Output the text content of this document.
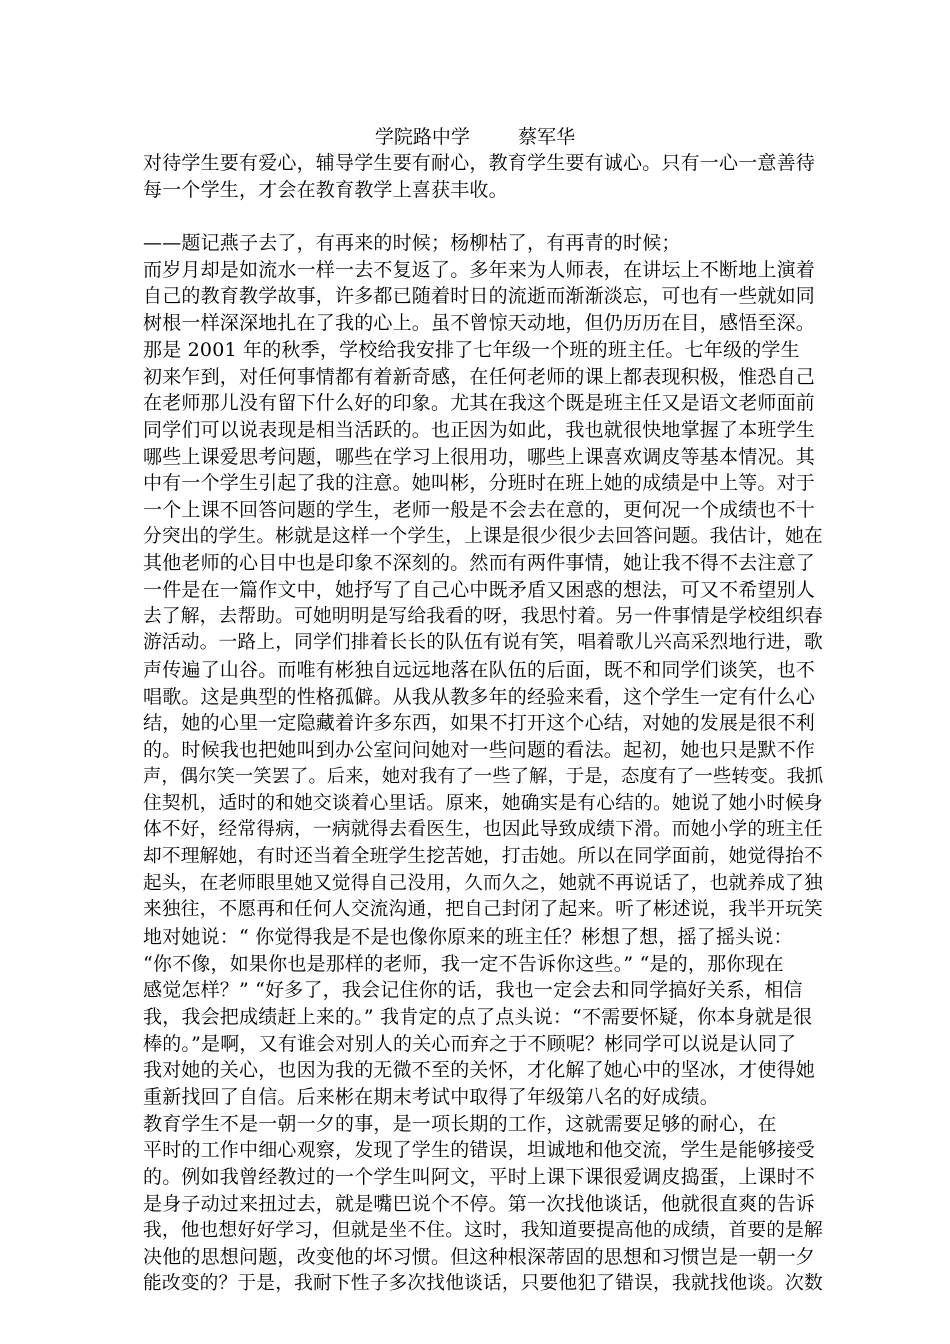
学院路中学        蔡军华
对待学生要有爱心，辅导学生要有耐心，教育学生要有诚心。只有一心一意善待
每一个学生，才会在教育教学上喜获丰收。
——题记燕子去了，有再来的时候；杨柳枯了，有再青的时候；
而岁月却是如流水一样一去不复返了。多年来为人师表，在讲坛上不断地上演着
自己的教育教学故事，许多都已随着时日的流逝而渐渐淡忘，可也有一些就如同
树根一样深深地扎在了我的心上。虽不曾惊天动地，但仍历历在目，感悟至深。
那是 2001 年的秋季，学校给我安排了七年级一个班的班主任。七年级的学生
初来乍到，对任何事情都有着新奇感，在任何老师的课上都表现积极，惟恐自己
在老师那儿没有留下什么好的印象。尤其在我这个既是班主任又是语文老师面前
同学们可以说表现是相当活跃的。也正因为如此，我也就很快地掌握了本班学生
哪些上课爱思考问题，哪些在学习上很用功，哪些上课喜欢调皮等基本情况。其
中有一个学生引起了我的注意。她叫彬，分班时在班上她的成绩是中上等。对于
一个上课不回答问题的学生，老师一般是不会去在意的，更何况一个成绩也不十
分突出的学生。彬就是这样一个学生，上课是很少很少去回答问题。我估计，她在
其他老师的心目中也是印象不深刻的。然而有两件事情，她让我不得不去注意了
一件是在一篇作文中，她抒写了自己心中既矛盾又困惑的想法，可又不希望别人
去了解，去帮助。可她明明是写给我看的呀，我思忖着。另一件事情是学校组织春
游活动。一路上，同学们排着长长的队伍有说有笑，唱着歌儿兴高采烈地行进，歌
声传遍了山谷。而唯有彬独自远远地落在队伍的后面，既不和同学们谈笑，也不
唱歌。这是典型的性格孤僻。从我从教多年的经验来看，这个学生一定有什么心
结，她的心里一定隐藏着许多东西，如果不打开这个心结，对她的发展是很不利
的。时候我也把她叫到办公室问问她对一些问题的看法。起初，她也只是默不作
声，偶尔笑一笑罢了。后来，她对我有了一些了解，于是，态度有了一些转变。我抓
住契机，适时的和她交谈着心里话。原来，她确实是有心结的。她说了她小时候身
体不好，经常得病，一病就得去看医生，也因此导致成绩下滑。而她小学的班主任
却不理解她，有时还当着全班学生挖苦她，打击她。所以在同学面前，她觉得抬不
起头，在老师眼里她又觉得自己没用，久而久之，她就不再说话了，也就养成了独
来独往，不愿再和任何人交流沟通，把自己封闭了起来。听了彬述说，我半开玩笑
地对她说：“ 你觉得我是不是也像你原来的班主任？彬想了想，摇了摇头说：
“你不像，如果你也是那样的老师，我一定不告诉你这些。” “是的，那你现在
感觉怎样？” “好多了，我会记住你的话，我也一定会去和同学搞好关系，相信
我，我会把成绩赶上来的。” 我肯定的点了点头说：“不需要怀疑，你本身就是很
棒的。”是啊，又有谁会对别人的关心而弃之于不顾呢？彬同学可以说是认同了
我对她的关心，也因为我的无微不至的关怀，才化解了她心中的坚冰，才使得她
重新找回了自信。后来彬在期末考试中取得了年级第八名的好成绩。
教育学生不是一朝一夕的事，是一项长期的工作，这就需要足够的耐心，在
平时的工作中细心观察，发现了学生的错误，坦诚地和他交流，学生是能够接受
的。例如我曾经教过的一个学生叫阿文，平时上课下课很爱调皮捣蛋，上课时不
是身子动过来扭过去，就是嘴巴说个不停。第一次找他谈话，他就很直爽的告诉
我，他也想好好学习，但就是坐不住。这时，我知道要提高他的成绩，首要的是解
决他的思想问题，改变他的坏习惯。但这种根深蒂固的思想和习惯岂是一朝一夕
能改变的？于是，我耐下性子多次找他谈话，只要他犯了错误，我就找他谈。次数
